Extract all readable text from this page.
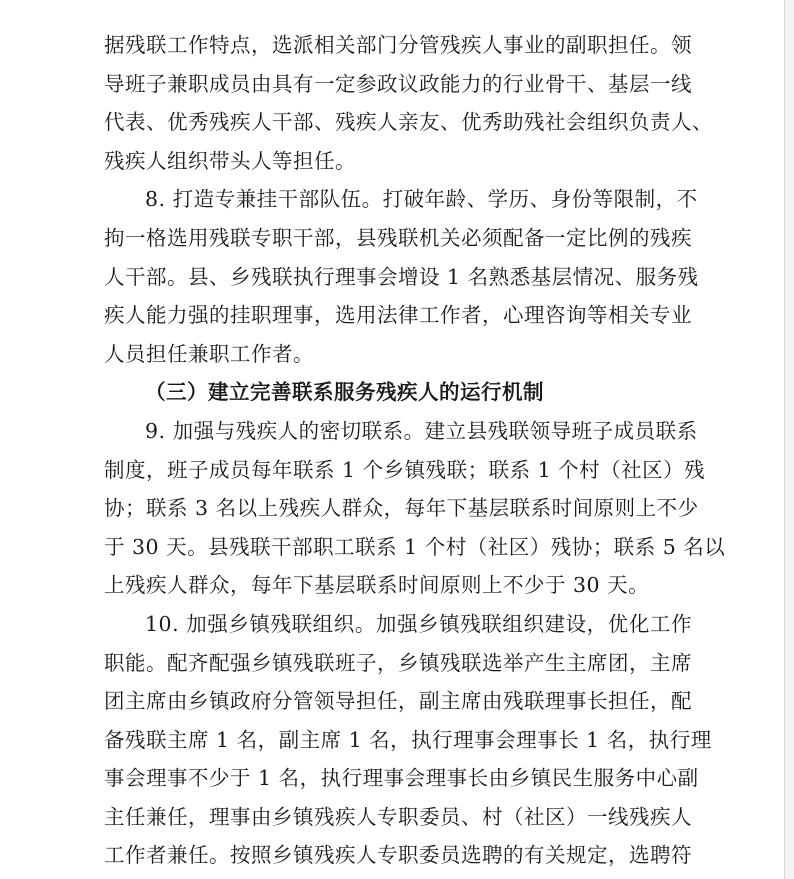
据残联工作特点，选派相关部门分管残疾人事业的副职担任。领
导班子兼职成员由具有一定参政议政能力的行业骨干、基层一线
代表、优秀残疾人干部、残疾人亲友、优秀助残社会组织负责人、
残疾人组织带头人等担任。
8. 打造专兼挂干部队伍。打破年龄、学历、身份等限制，不
拘一格选用残联专职干部，县残联机关必须配备一定比例的残疾
人干部。县、乡残联执行理事会增设 1 名熟悉基层情况、服务残
疾人能力强的挂职理事，选用法律工作者，心理咨询等相关专业
人员担任兼职工作者。
（三）建立完善联系服务残疾人的运行机制
9. 加强与残疾人的密切联系。建立县残联领导班子成员联系
制度，班子成员每年联系 1 个乡镇残联；联系 1 个村（社区）残
协；联系 3 名以上残疾人群众，每年下基层联系时间原则上不少
于 30 天。县残联干部职工联系 1 个村（社区）残协；联系 5 名以
上残疾人群众，每年下基层联系时间原则上不少于 30 天。
10. 加强乡镇残联组织。加强乡镇残联组织建设，优化工作
职能。配齐配强乡镇残联班子，乡镇残联选举产生主席团，主席
团主席由乡镇政府分管领导担任，副主席由残联理事长担任，配
备残联主席 1 名，副主席 1 名，执行理事会理事长 1 名，执行理
事会理事不少于 1 名，执行理事会理事长由乡镇民生服务中心副
主任兼任，理事由乡镇残疾人专职委员、村（社区）一线残疾人
工作者兼任。按照乡镇残疾人专职委员选聘的有关规定，选聘符
